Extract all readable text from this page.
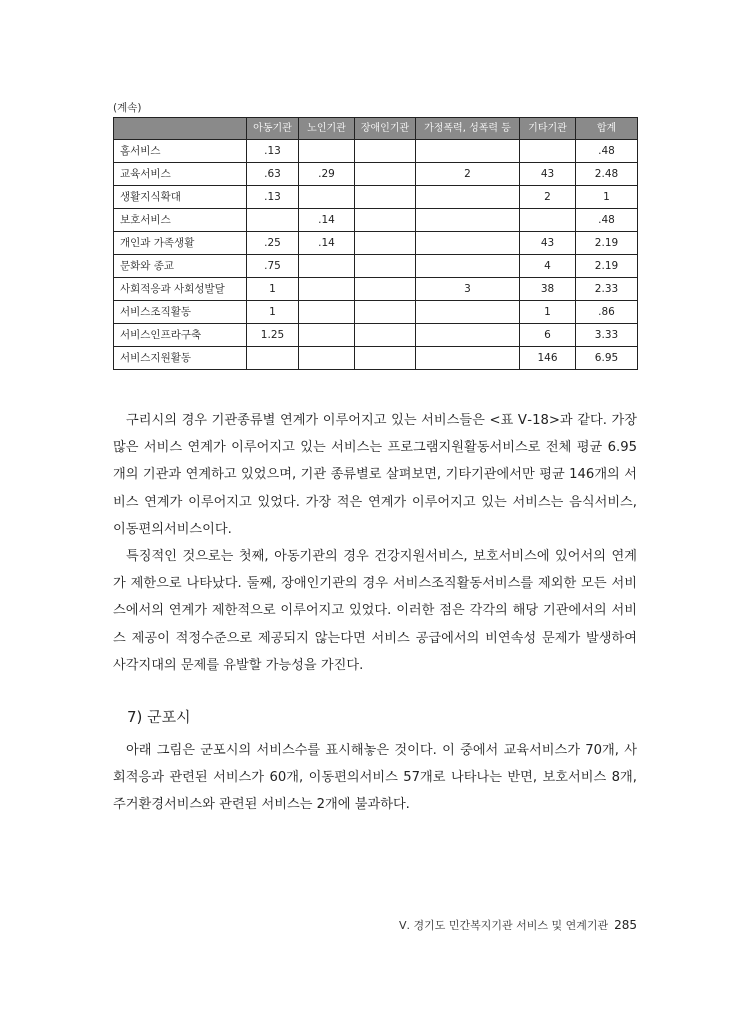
(계속)
	아동기관	노인기관	장애인기관	가정폭력, 성폭력 등	기타기관	합계
홈서비스	.13					.48
교육서비스	.63	.29		2	43	2.48
생활지식확대	.13				2	1
보호서비스		.14				.48
개인과 가족생활	.25	.14			43	2.19
문화와 종교	.75				4	2.19
사회적응과 사회성발달	1			3	38	2.33
서비스조직활동	1				1	.86
서비스인프라구축	1.25				6	3.33
서비스지원활동					146	6.95

구리시의 경우 기관종류별 연계가 이루어지고 있는 서비스들은 <표 Ⅴ-18>과 같다. 가장 많은 서비스 연계가 이루어지고 있는 서비스는 프로그램지원활동서비스로 전체 평균 6.95개의 기관과 연계하고 있었으며, 기관 종류별로 살펴보면, 기타기관에서만 평균 146개의 서비스 연계가 이루어지고 있었다. 가장 적은 연계가 이루어지고 있는 서비스는 음식서비스, 이동편의서비스이다.

특징적인 것으로는 첫째, 아동기관의 경우 건강지원서비스, 보호서비스에 있어서의 연계가 제한으로 나타났다. 둘째, 장애인기관의 경우 서비스조직활동서비스를 제외한 모든 서비스에서의 연계가 제한적으로 이루어지고 있었다. 이러한 점은 각각의 해당 기관에서의 서비스 제공이 적정수준으로 제공되지 않는다면 서비스 공급에서의 비연속성 문제가 발생하여 사각지대의 문제를 유발할 가능성을 가진다.

7) 군포시

아래 그림은 군포시의 서비스수를 표시해놓은 것이다. 이 중에서 교육서비스가 70개, 사회적응과 관련된 서비스가 60개, 이동편의서비스 57개로 나타나는 반면, 보호서비스 8개, 주거환경서비스와 관련된 서비스는 2개에 불과하다.

Ⅴ. 경기도 민간복지기관 서비스 및 연계기관 285
